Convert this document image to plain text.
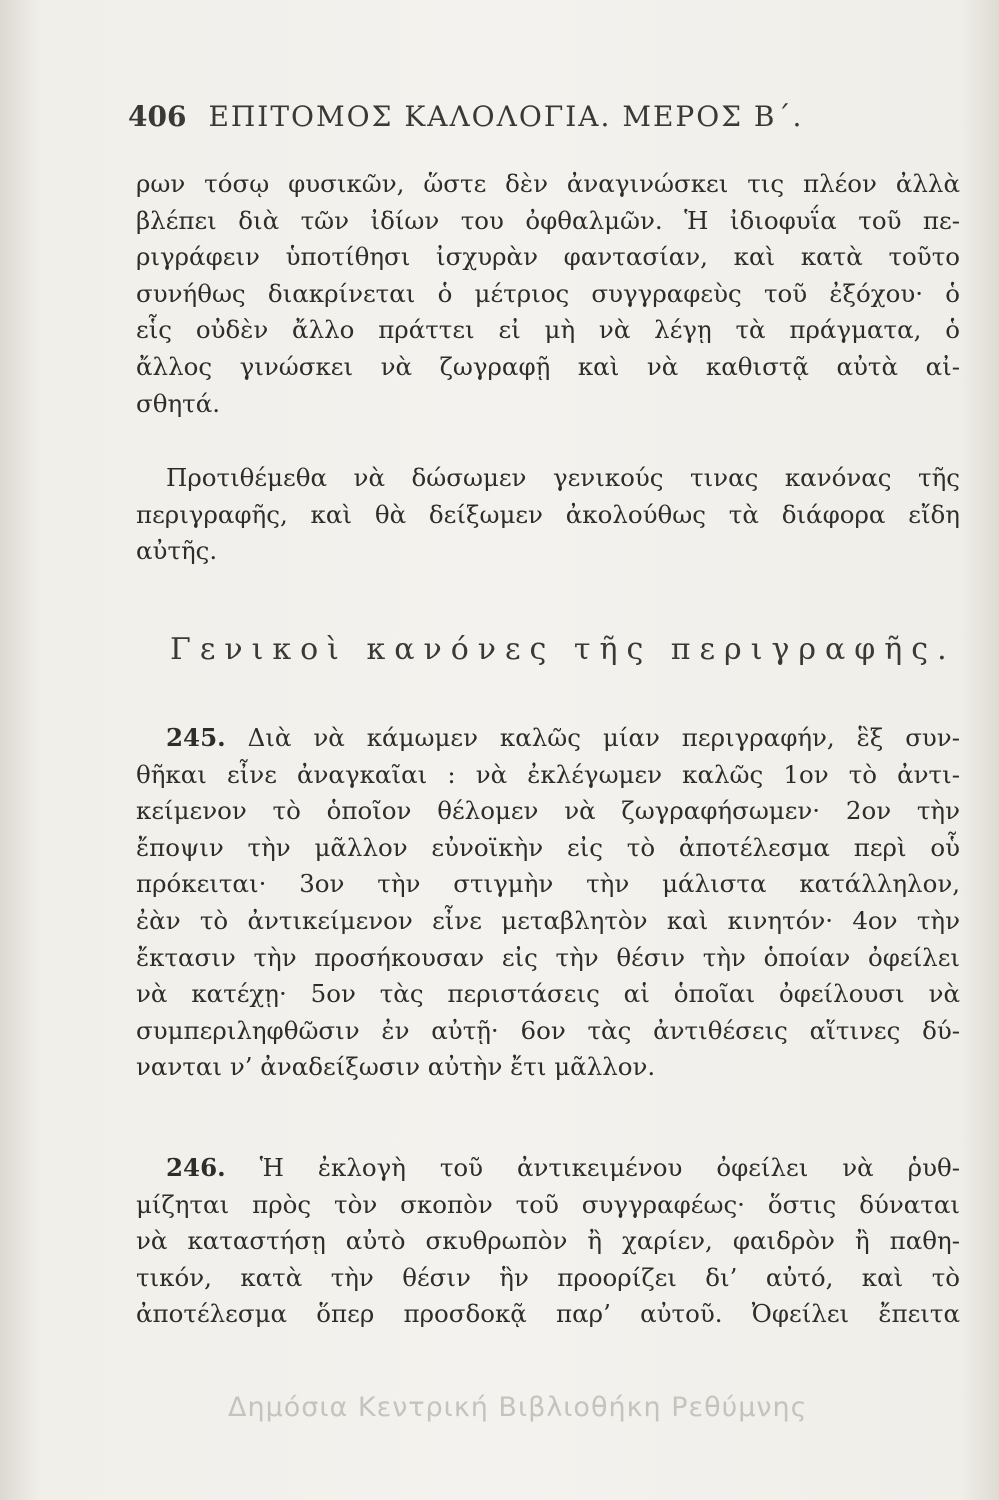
406 ΕΠΙΤΟΜΟΣ ΚΑΛΟΛΟΓΙΑ. ΜΕΡΟΣ Β΄.
ρων τόσῳ φυσικῶν, ὥστε δὲν ἀναγινώσκει τις πλέον ἀλλὰ
βλέπει διὰ τῶν ἰδίων του ὀφθαλμῶν. Ἡ ἰδιοφυΐα τοῦ πε-
ριγράφειν ὑποτίθησι ἰσχυρὰν φαντασίαν, καὶ κατὰ τοῦτο
συνήθως διακρίνεται ὁ μέτριος συγγραφεὺς τοῦ ἐξόχου· ὁ
εἷς οὐδὲν ἄλλο πράττει εἰ μὴ νὰ λέγῃ τὰ πράγματα, ὁ
ἄλλος γινώσκει νὰ ζωγραφῇ καὶ νὰ καθιστᾷ αὐτὰ αἰ-
σθητά.
Προτιθέμεθα νὰ δώσωμεν γενικούς τινας κανόνας τῆς
περιγραφῆς, καὶ θὰ δείξωμεν ἀκολούθως τὰ διάφορα εἴδη
αὐτῆς.
Γενικοὶ κανόνες τῆς περιγραφῆς.
245. Διὰ νὰ κάμωμεν καλῶς μίαν περιγραφήν, ἓξ συν-
θῆκαι εἶνε ἀναγκαῖαι : νὰ ἐκλέγωμεν καλῶς 1ον τὸ ἀντι-
κείμενον τὸ ὁποῖον θέλομεν νὰ ζωγραφήσωμεν· 2ον τὴν
ἔποψιν τὴν μᾶλλον εὐνοϊκὴν εἰς τὸ ἀποτέλεσμα περὶ οὗ
πρόκειται· 3ον τὴν στιγμὴν τὴν μάλιστα κατάλληλον,
ἐὰν τὸ ἀντικείμενον εἶνε μεταβλητὸν καὶ κινητόν· 4ον τὴν
ἔκτασιν τὴν προσήκουσαν εἰς τὴν θέσιν τὴν ὁποίαν ὀφείλει
νὰ κατέχῃ· 5ον τὰς περιστάσεις αἱ ὁποῖαι ὀφείλουσι νὰ
συμπεριληφθῶσιν ἐν αὐτῇ· 6ον τὰς ἀντιθέσεις αἵτινες δύ-
νανται ν’ ἀναδείξωσιν αὐτὴν ἔτι μᾶλλον.
246. Ἡ ἐκλογὴ τοῦ ἀντικειμένου ὀφείλει νὰ ῥυθ-
μίζηται πρὸς τὸν σκοπὸν τοῦ συγγραφέως· ὅστις δύναται
νὰ καταστήσῃ αὐτὸ σκυθρωπὸν ἢ χαρίεν, φαιδρὸν ἢ παθη-
τικόν, κατὰ τὴν θέσιν ἣν προορίζει δι’ αὐτό, καὶ τὸ
ἀποτέλεσμα ὅπερ προσδοκᾷ παρ’ αὐτοῦ. Ὀφείλει ἔπειτα
Δημόσια Κεντρική Βιβλιοθήκη Ρεθύμνης
